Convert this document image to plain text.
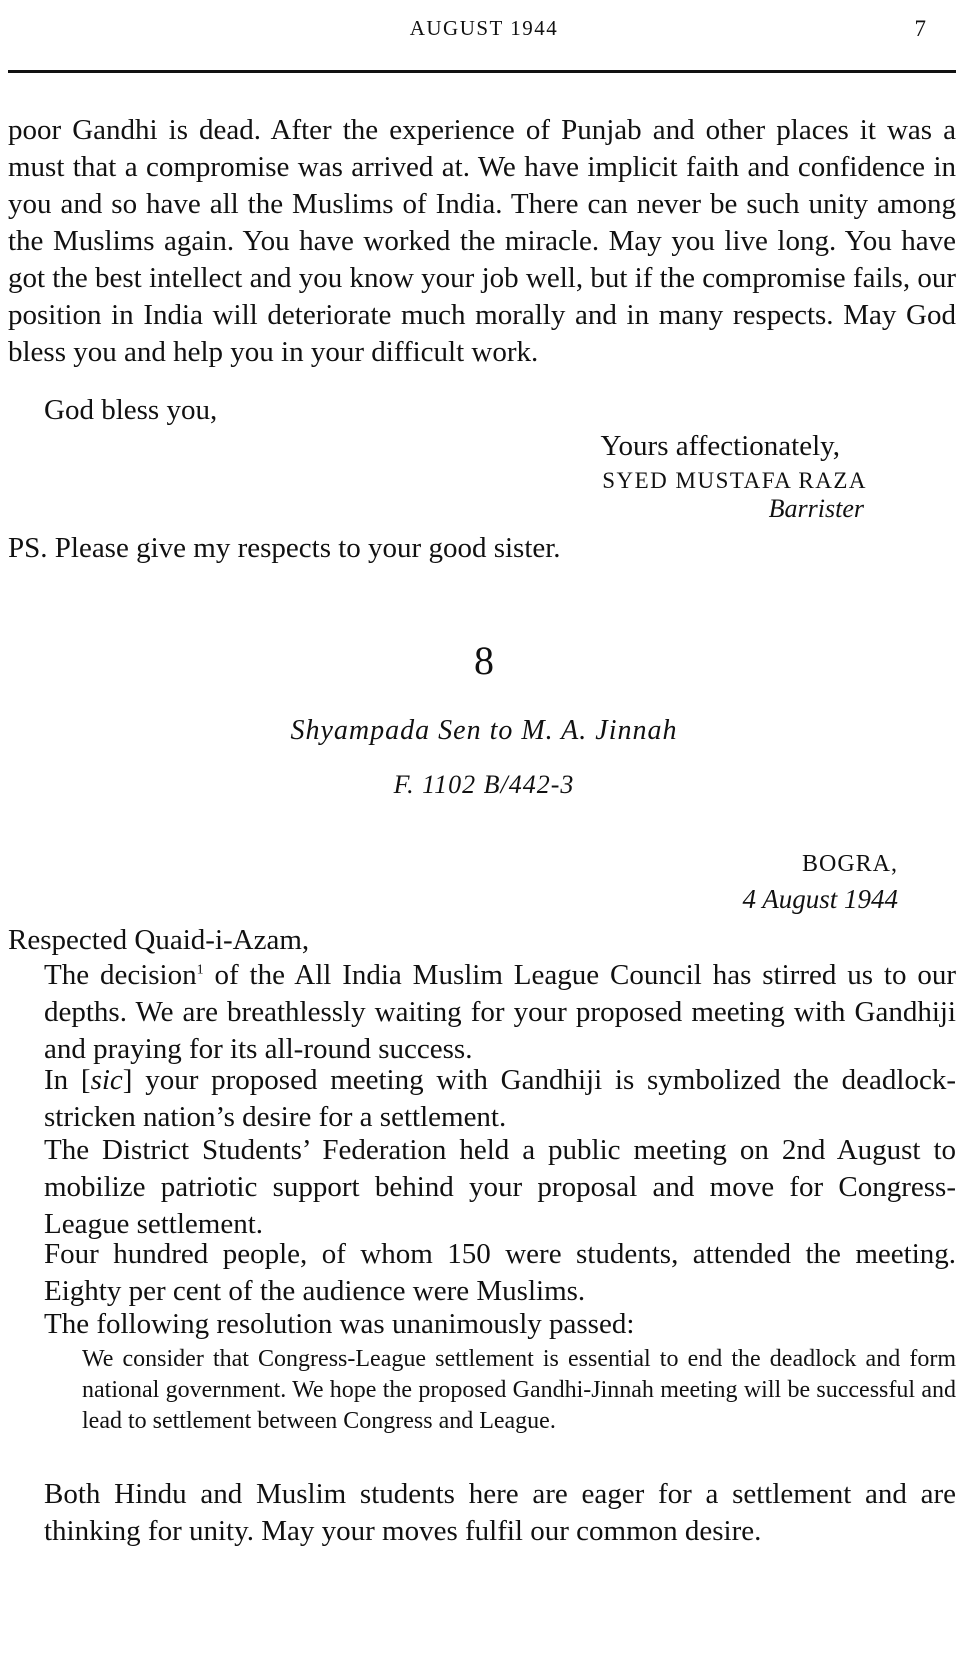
AUGUST 1944	7
poor Gandhi is dead. After the experience of Punjab and other places it was a must that a compromise was arrived at. We have implicit faith and confidence in you and so have all the Muslims of India. There can never be such unity among the Muslims again. You have worked the miracle. May you live long. You have got the best intellect and you know your job well, but if the compromise fails, our position in India will deteriorate much morally and in many respects. May God bless you and help you in your difficult work.
God bless you,
Yours affectionately,
SYED MUSTAFA RAZA
Barrister
PS. Please give my respects to your good sister.
8
Shyampada Sen to M. A. Jinnah
F. 1102 B/442-3
BOGRA,
4 August 1944
Respected Quaid-i-Azam,
The decision$^1$ of the All India Muslim League Council has stirred us to our depths. We are breathlessly waiting for your proposed meeting with Gandhiji and praying for its all-round success.
In [sic] your proposed meeting with Gandhiji is symbolized the deadlock-stricken nation’s desire for a settlement.
The District Students’ Federation held a public meeting on 2nd August to mobilize patriotic support behind your proposal and move for Congress-League settlement.
Four hundred people, of whom 150 were students, attended the meeting. Eighty per cent of the audience were Muslims.
The following resolution was unanimously passed:
We consider that Congress-League settlement is essential to end the deadlock and form national government. We hope the proposed Gandhi-Jinnah meeting will be successful and lead to settlement between Congress and League.
Both Hindu and Muslim students here are eager for a settlement and are thinking for unity. May your moves fulfil our common desire.
